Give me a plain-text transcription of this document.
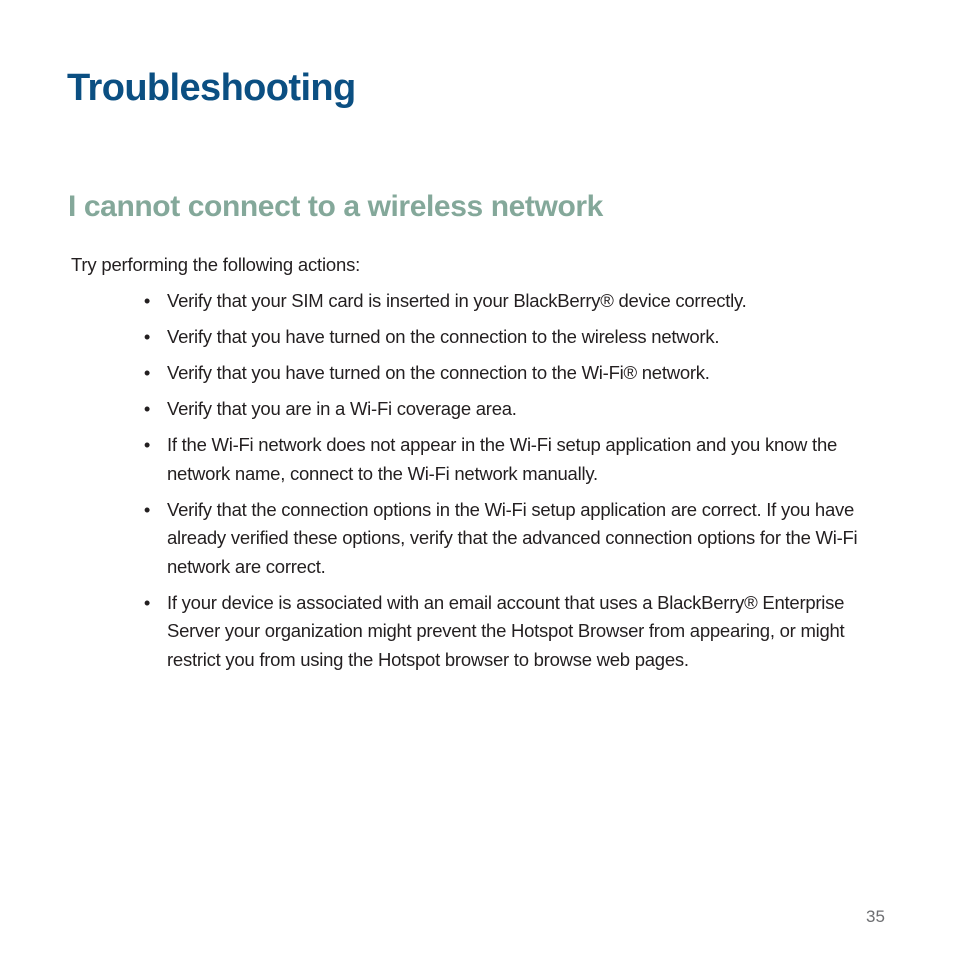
Troubleshooting
I cannot connect to a wireless network

Try performing the following actions:

• Verify that your SIM card is inserted in your BlackBerry® device correctly.
• Verify that you have turned on the connection to the wireless network.
• Verify that you have turned on the connection to the Wi-Fi® network.
• Verify that you are in a Wi-Fi coverage area.
• If the Wi-Fi network does not appear in the Wi-Fi setup application and you know the network name, connect to the Wi-Fi network manually.
• Verify that the connection options in the Wi-Fi setup application are correct. If you have already verified these options, verify that the advanced connection options for the Wi-Fi network are correct.
• If your device is associated with an email account that uses a BlackBerry® Enterprise Server your organization might prevent the Hotspot Browser from appearing, or might restrict you from using the Hotspot browser to browse web pages.
35
